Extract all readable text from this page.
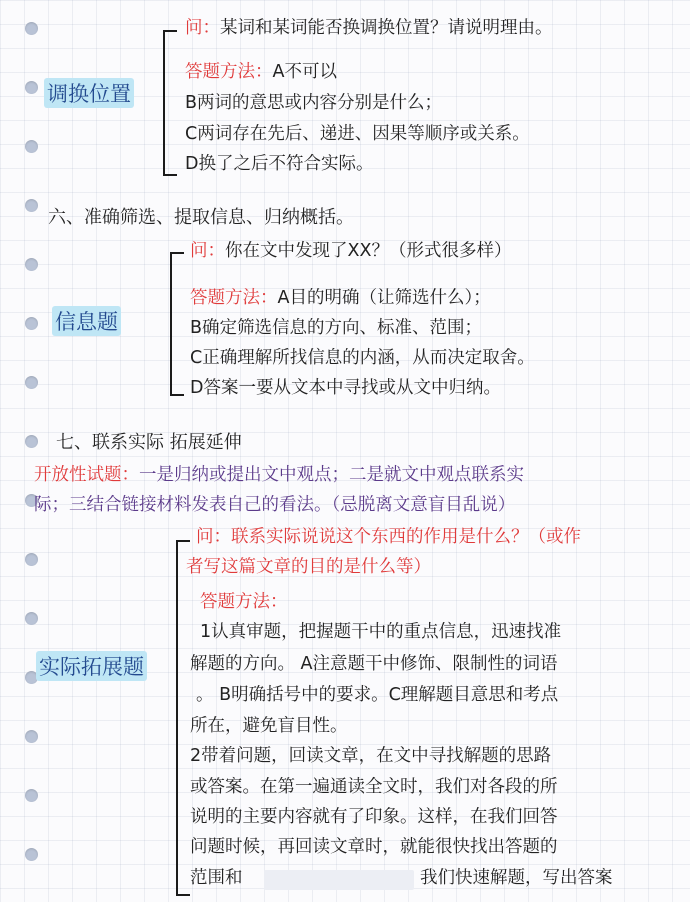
调换位置
问：某词和某词能否换调换位置？请说明理由。
答题方法：A不可以
B两词的意思或内容分别是什么；
C两词存在先后、递进、因果等顺序或关系。
D换了之后不符合实际。
六、准确筛选、提取信息、归纳概括。
信息题
问：你在文中发现了XX？（形式很多样）
答题方法：A目的明确（让筛选什么）；
B确定筛选信息的方向、标准、范围；
C正确理解所找信息的内涵，从而决定取舍。
D答案一要从文本中寻找或从文中归纳。
七、联系实际 拓展延伸
开放性试题：一是归纳或提出文中观点；二是就文中观点联系实
际；三结合链接材料发表自己的看法。（忌脱离文意盲目乱说）
实际拓展题
问：联系实际说说这个东西的作用是什么？（或作
者写这篇文章的目的是什么等）
答题方法：
1认真审题，把握题干中的重点信息，迅速找准
解题的方向。 A注意题干中修饰、限制性的词语
。 B明确括号中的要求。C理解题目意思和考点
所在，避免盲目性。
2带着问题，回读文章，在文中寻找解题的思路
或答案。在第一遍通读全文时，我们对各段的所
说明的主要内容就有了印象。这样，在我们回答
问题时候，再回读文章时，就能很快找出答题的
范围和	我们快速解题，写出答案
